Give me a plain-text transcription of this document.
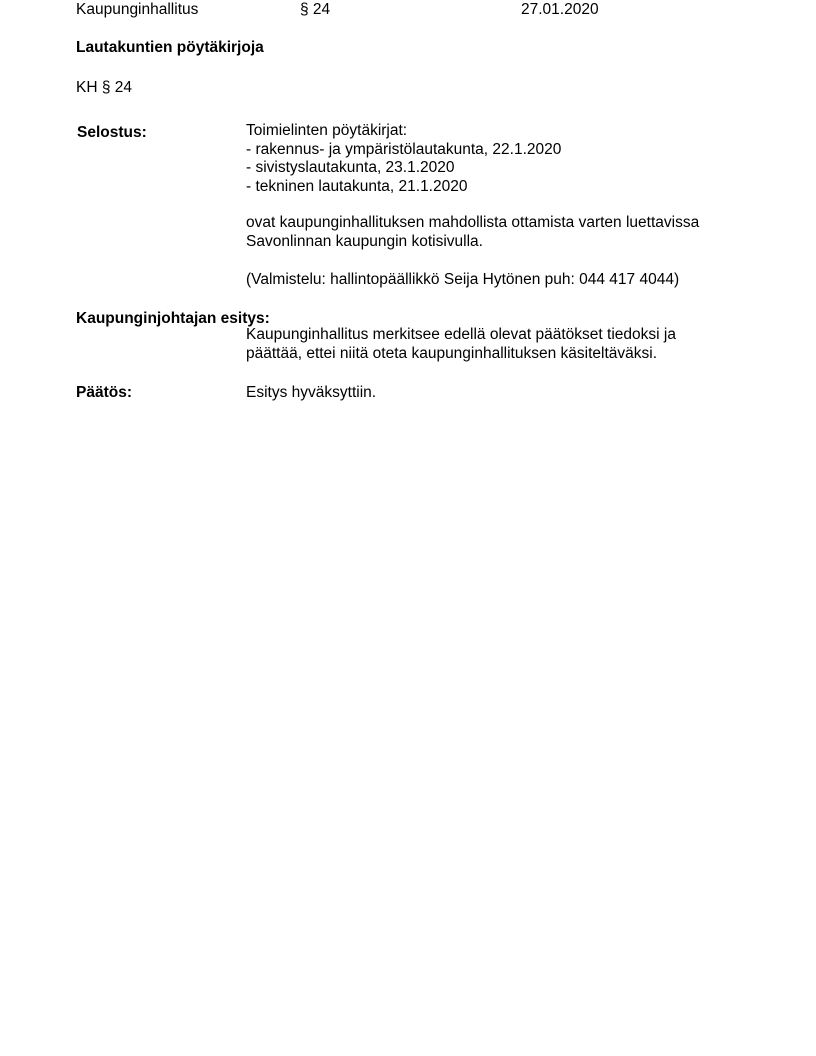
Kaupunginhallitus	§ 24	27.01.2020
Lautakuntien pöytäkirjoja
KH § 24
Selostus:	Toimielinten pöytäkirjat:
- rakennus- ja ympäristölautakunta, 22.1.2020
- sivistyslautakunta, 23.1.2020
- tekninen lautakunta, 21.1.2020
ovat kaupunginhallituksen mahdollista ottamista varten luettavissa
Savonlinnan kaupungin kotisivulla.
(Valmistelu: hallintopäällikkö Seija Hytönen puh: 044 417 4044)
Kaupunginjohtajan esitys:
Kaupunginhallitus merkitsee edellä olevat päätökset tiedoksi ja
päättää, ettei niitä oteta kaupunginhallituksen käsiteltäväksi.
Päätös:	Esitys hyväksyttiin.
